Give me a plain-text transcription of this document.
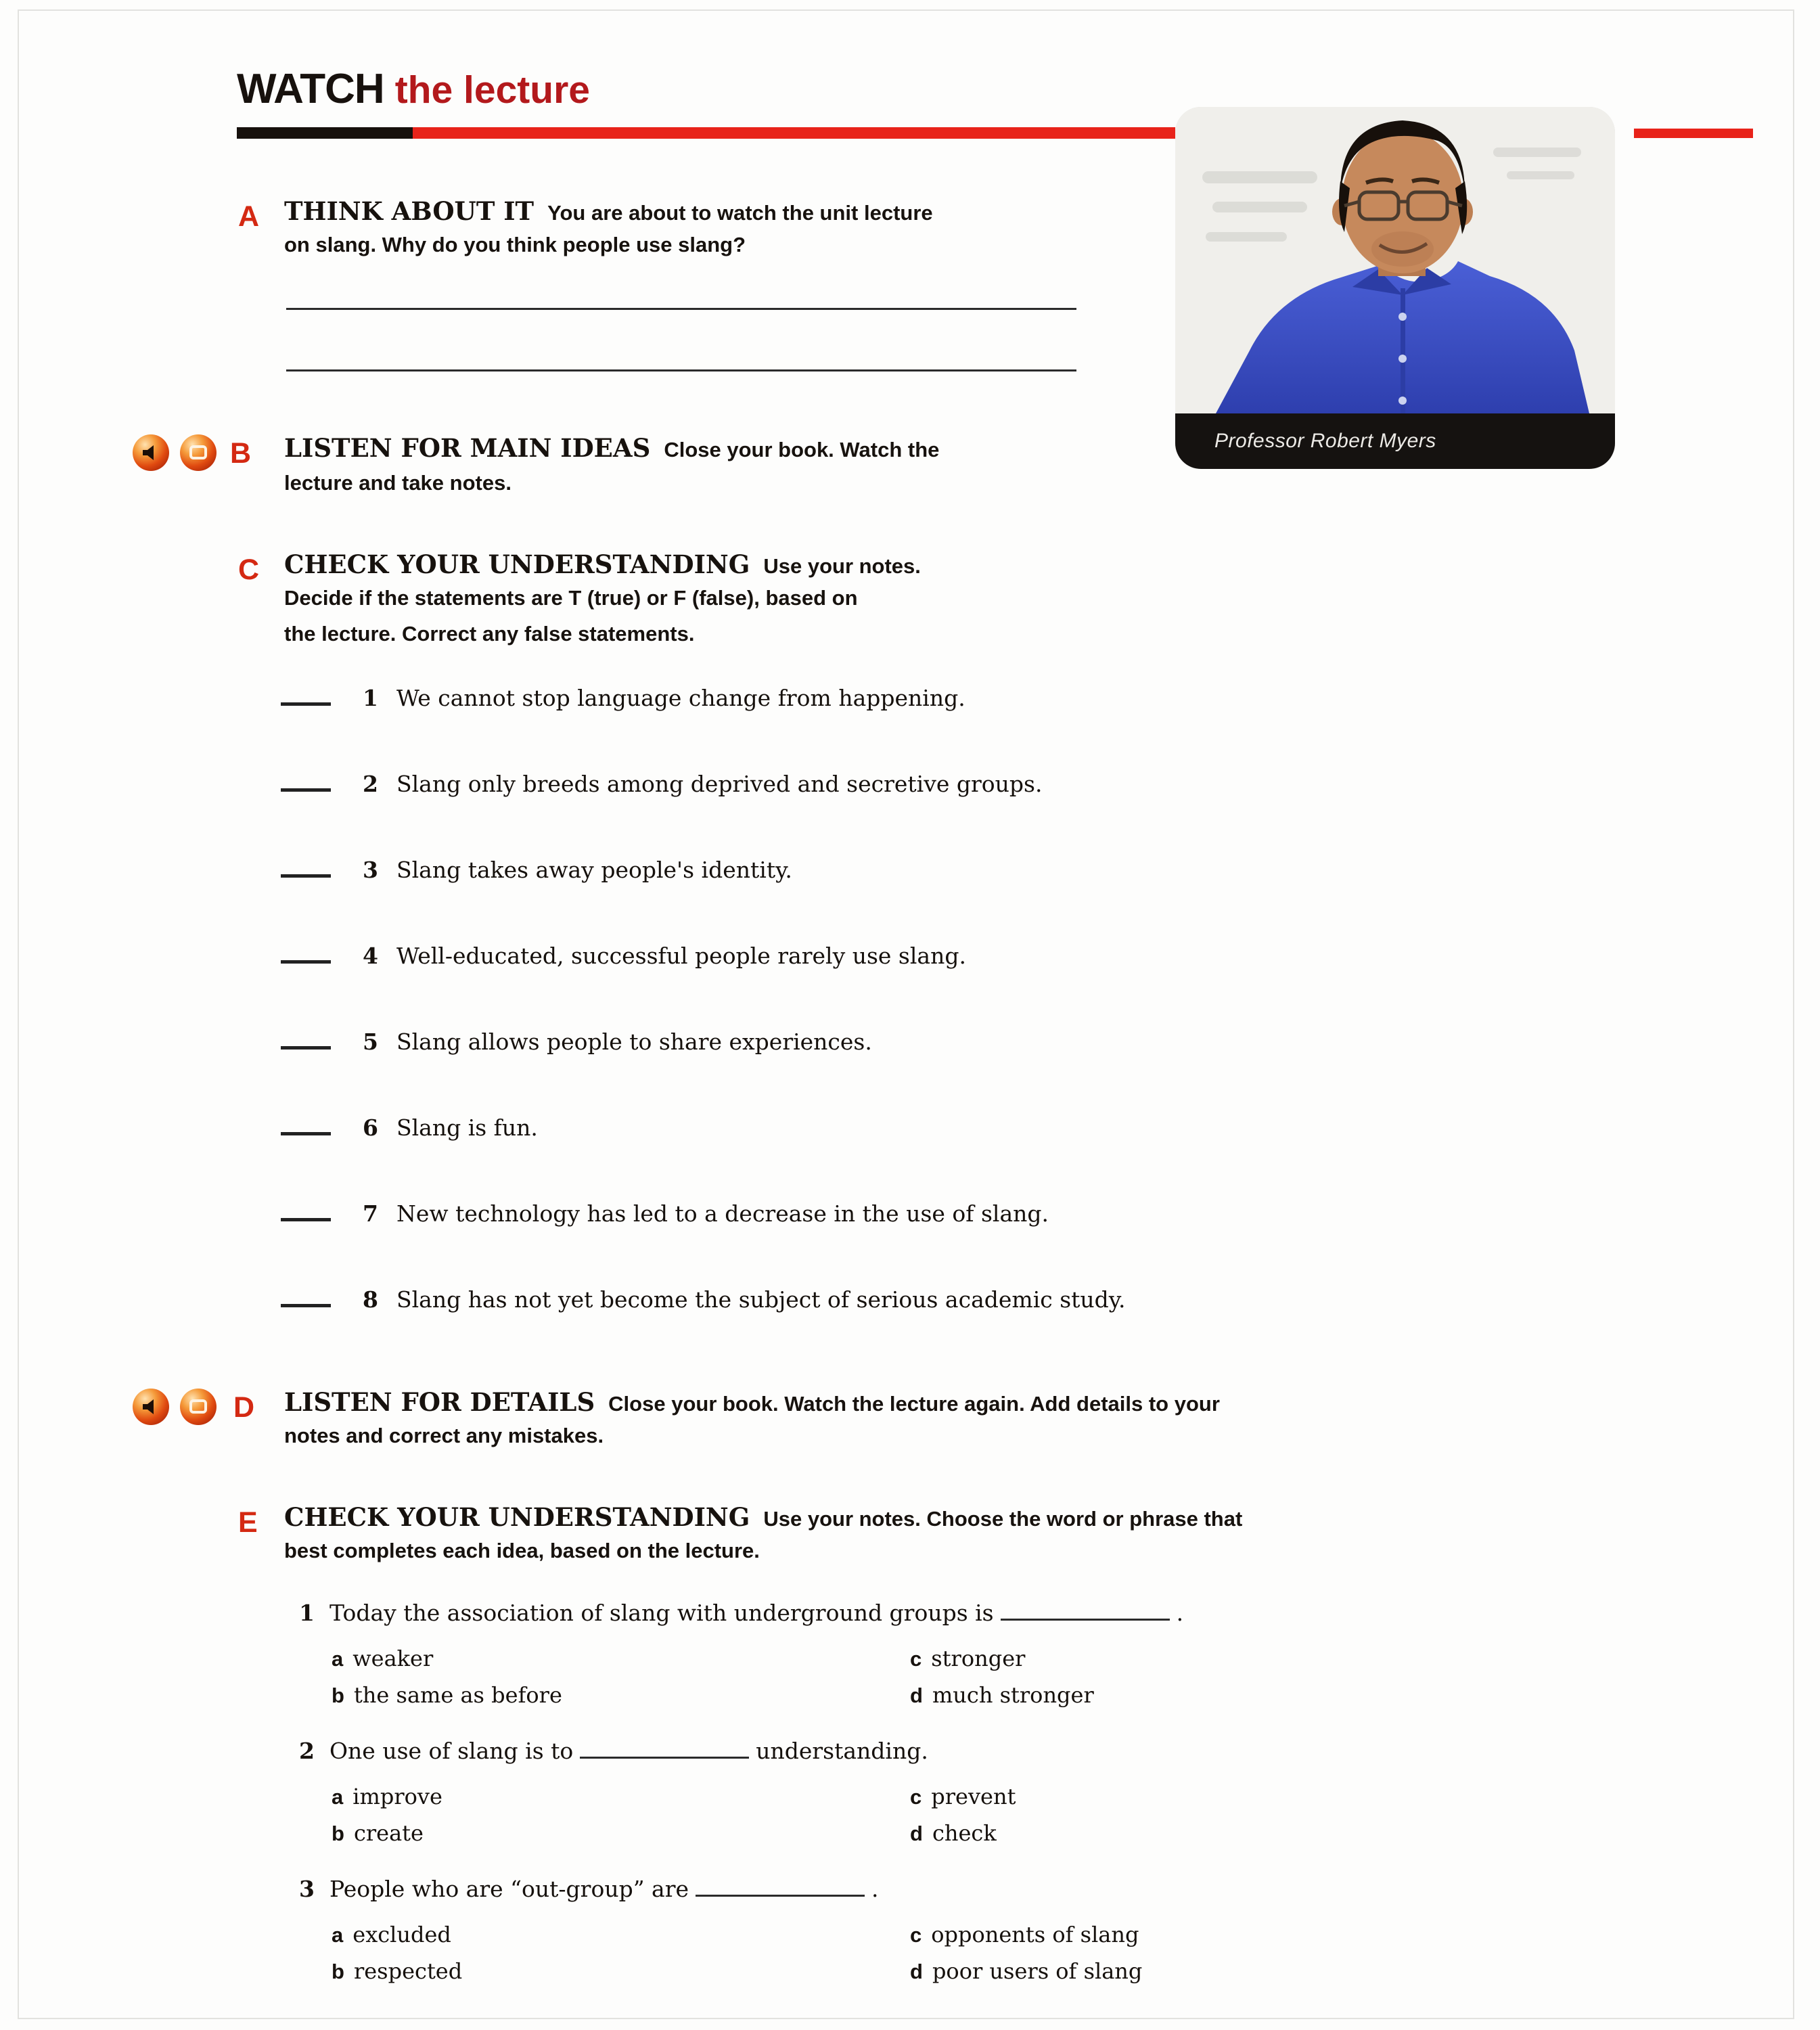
WATCH the lecture
Professor Robert Myers
A THINK ABOUT IT You are about to watch the unit lecture
on slang. Why do you think people use slang?
B LISTEN FOR MAIN IDEAS Close your book. Watch the
lecture and take notes.
C CHECK YOUR UNDERSTANDING Use your notes.
Decide if the statements are T (true) or F (false), based on
the lecture. Correct any false statements.
1 We cannot stop language change from happening.
2 Slang only breeds among deprived and secretive groups.
3 Slang takes away people's identity.
4 Well-educated, successful people rarely use slang.
5 Slang allows people to share experiences.
6 Slang is fun.
7 New technology has led to a decrease in the use of slang.
8 Slang has not yet become the subject of serious academic study.
D LISTEN FOR DETAILS Close your book. Watch the lecture again. Add details to your
notes and correct any mistakes.
E CHECK YOUR UNDERSTANDING Use your notes. Choose the word or phrase that
best completes each idea, based on the lecture.
1 Today the association of slang with underground groups is	.
a weaker	c stronger
b the same as before	d much stronger
2 One use of slang is to	understanding.
a improve	c prevent
b create	d check
3 People who are “out-group” are	.
a excluded	c opponents of slang
b respected	d poor users of slang
